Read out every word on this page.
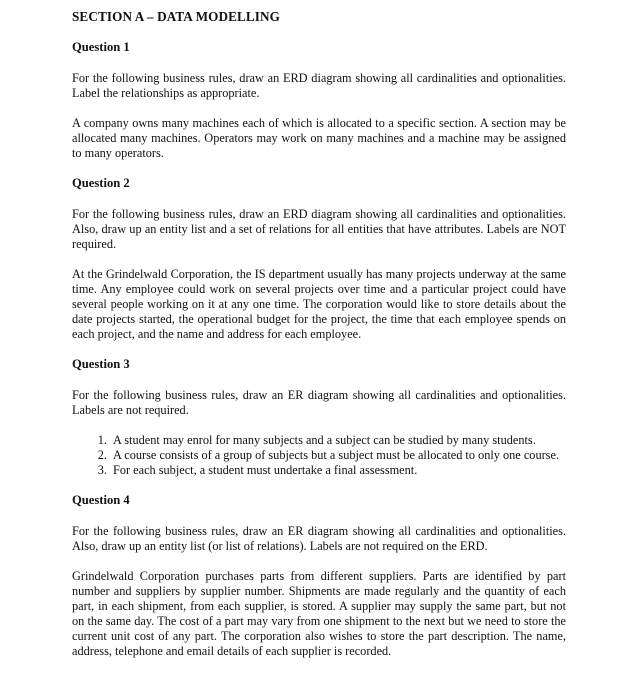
SECTION A – DATA MODELLING
Question 1

For the following business rules, draw an ERD diagram showing all cardinalities and optionalities. Label the relationships as appropriate.

A company owns many machines each of which is allocated to a specific section. A section may be allocated many machines. Operators may work on many machines and a machine may be assigned to many operators.

Question 2

For the following business rules, draw an ERD diagram showing all cardinalities and optionalities. Also, draw up an entity list and a set of relations for all entities that have attributes. Labels are NOT required.

At the Grindelwald Corporation, the IS department usually has many projects underway at the same time. Any employee could work on several projects over time and a particular project could have several people working on it at any one time. The corporation would like to store details about the date projects started, the operational budget for the project, the time that each employee spends on each project, and the name and address for each employee.

Question 3

For the following business rules, draw an ER diagram showing all cardinalities and optionalities. Labels are not required.

1. A student may enrol for many subjects and a subject can be studied by many students.
2. A course consists of a group of subjects but a subject must be allocated to only one course.
3. For each subject, a student must undertake a final assessment.
Question 4

For the following business rules, draw an ER diagram showing all cardinalities and optionalities. Also, draw up an entity list (or list of relations). Labels are not required on the ERD.

Grindelwald Corporation purchases parts from different suppliers. Parts are identified by part number and suppliers by supplier number. Shipments are made regularly and the quantity of each part, in each shipment, from each supplier, is stored. A supplier may supply the same part, but not on the same day. The cost of a part may vary from one shipment to the next but we need to store the current unit cost of any part. The corporation also wishes to store the part description. The name, address, telephone and email details of each supplier is recorded.
